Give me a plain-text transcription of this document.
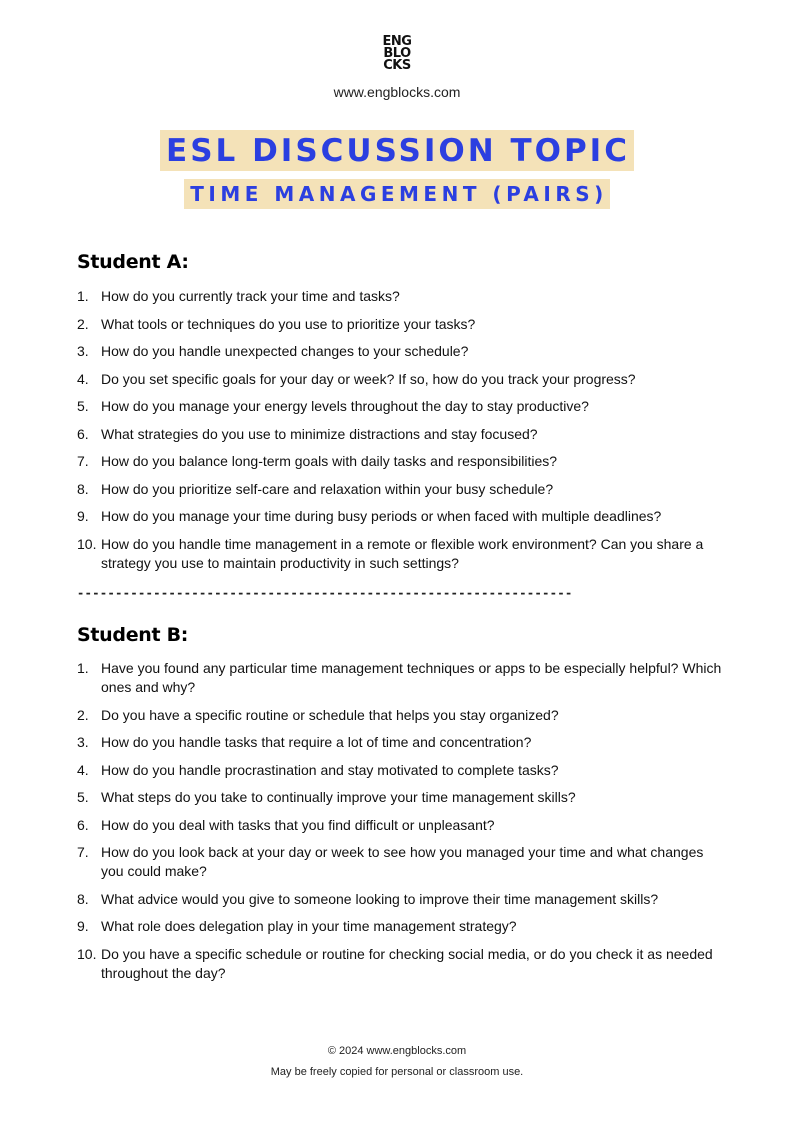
ENG
BLO
CKS
www.engblocks.com
ESL DISCUSSION TOPIC
TIME MANAGEMENT (PAIRS)
Student A:
1. How do you currently track your time and tasks?
2. What tools or techniques do you use to prioritize your tasks?
3. How do you handle unexpected changes to your schedule?
4. Do you set specific goals for your day or week? If so, how do you track your progress?
5. How do you manage your energy levels throughout the day to stay productive?
6. What strategies do you use to minimize distractions and stay focused?
7. How do you balance long-term goals with daily tasks and responsibilities?
8. How do you prioritize self-care and relaxation within your busy schedule?
9. How do you manage your time during busy periods or when faced with multiple deadlines?
10. How do you handle time management in a remote or flexible work environment? Can you share a strategy you use to maintain productivity in such settings?
-----------------------------------------------------------------
Student B:
1. Have you found any particular time management techniques or apps to be especially helpful? Which ones and why?
2. Do you have a specific routine or schedule that helps you stay organized?
3. How do you handle tasks that require a lot of time and concentration?
4. How do you handle procrastination and stay motivated to complete tasks?
5. What steps do you take to continually improve your time management skills?
6. How do you deal with tasks that you find difficult or unpleasant?
7. How do you look back at your day or week to see how you managed your time and what changes you could make?
8. What advice would you give to someone looking to improve their time management skills?
9. What role does delegation play in your time management strategy?
10. Do you have a specific schedule or routine for checking social media, or do you check it as needed throughout the day?
© 2024 www.engblocks.com
May be freely copied for personal or classroom use.
